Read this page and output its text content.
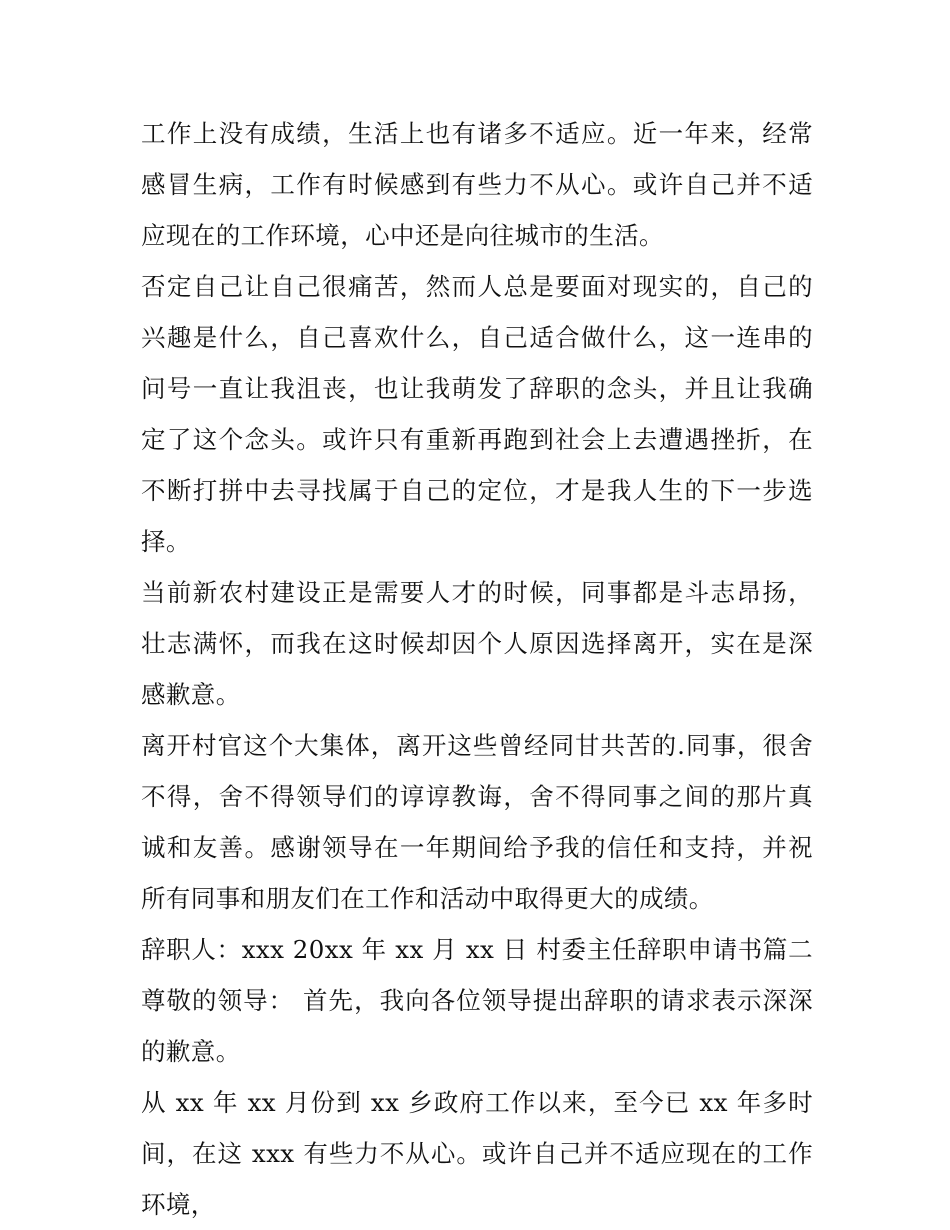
工作上没有成绩，生活上也有诸多不适应。近一年来，经常感冒生病，工作有时候感到有些力不从心。或许自己并不适应现在的工作环境，心中还是向往城市的生活。

否定自己让自己很痛苦，然而人总是要面对现实的，自己的兴趣是什么，自己喜欢什么，自己适合做什么，这一连串的问号一直让我沮丧，也让我萌发了辞职的念头，并且让我确定了这个念头。或许只有重新再跑到社会上去遭遇挫折，在不断打拼中去寻找属于自己的定位，才是我人生的下一步选择。

当前新农村建设正是需要人才的时候，同事都是斗志昂扬，壮志满怀，而我在这时候却因个人原因选择离开，实在是深感歉意。

离开村官这个大集体，离开这些曾经同甘共苦的.同事，很舍不得，舍不得领导们的谆谆教诲，舍不得同事之间的那片真诚和友善。感谢领导在一年期间给予我的信任和支持，并祝所有同事和朋友们在工作和活动中取得更大的成绩。

辞职人：xxx 20xx 年 xx 月 xx 日 村委主任辞职申请书篇二 尊敬的领导： 首先，我向各位领导提出辞职的请求表示深深的歉意。

从 xx 年 xx 月份到 xx 乡政府工作以来，至今已 xx 年多时间，在这 xxx 有些力不从心。或许自己并不适应现在的工作环境，
